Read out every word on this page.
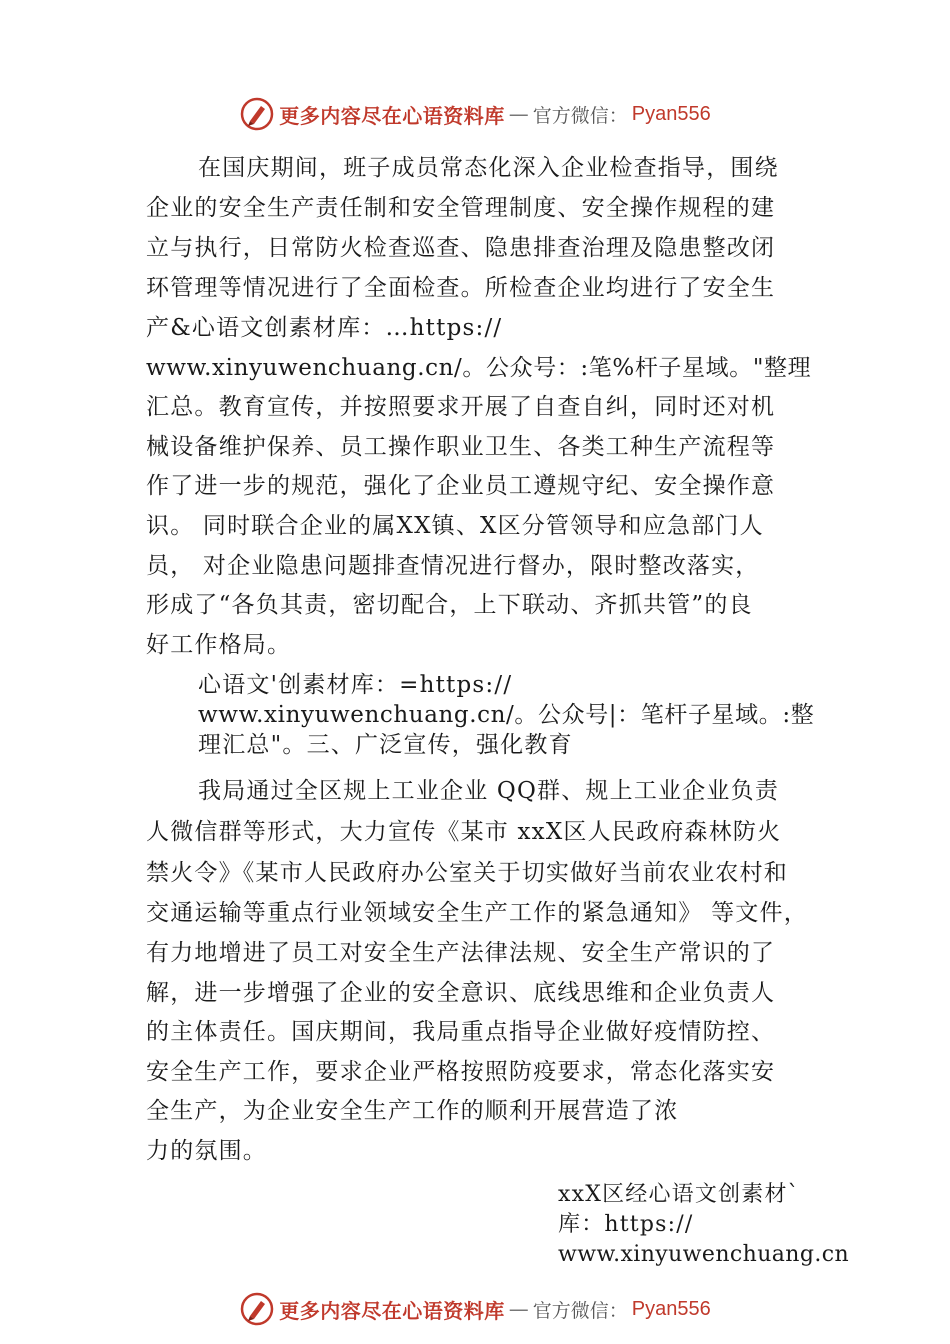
更多内容尽在心语资料库 — 官方微信： Pyan556
在国庆期间，班子成员常态化深入企业检查指导，围绕
企业的安全生产责任制和安全管理制度、安全操作规程的建
立与执行，日常防火检查巡查、隐患排查治理及隐患整改闭
环管理等情况进行了全面检查。所检查企业均进行了安全生
产&心语文创素材库：…https://
www.xinyuwenchuang.cn/。公众号：:笔%杆子星域。"整理
汇总。教育宣传，并按照要求开展了自查自纠，同时还对机
械设备维护保养、员工操作职业卫生、各类工种生产流程等
作了进一步的规范，强化了企业员工遵规守纪、安全操作意
识。 同时联合企业的属XX镇、X区分管领导和应急部门人
员， 对企业隐患问题排查情况进行督办，限时整改落实，
形成了“各负其责，密切配合，上下联动、齐抓共管”的良
好工作格局。
心语文'创素材库：=https://
www.xinyuwenchuang.cn/。公众号|：笔杆子星域。:整
理汇总"。三、广泛宣传，强化教育
我局通过全区规上工业企业 QQ群、规上工业企业负责
人微信群等形式，大力宣传《某市 xxX区人民政府森林防火
禁火令》《某市人民政府办公室关于切实做好当前农业农村和
交通运输等重点行业领域安全生产工作的紧急通知》 等文件，
有力地增进了员工对安全生产法律法规、安全生产常识的了
解，进一步增强了企业的安全意识、底线思维和企业负责人
的主体责任。国庆期间，我局重点指导企业做好疫情防控、
安全生产工作，要求企业严格按照防疫要求，常态化落实安
全生产，为企业安全生产工作的顺利开展营造了浓
⼒的氛围。
xxX区经心语文创素材`
库：https://
www.xinyuwenchuang.cn
更多内容尽在心语资料库 — 官方微信： Pyan556
